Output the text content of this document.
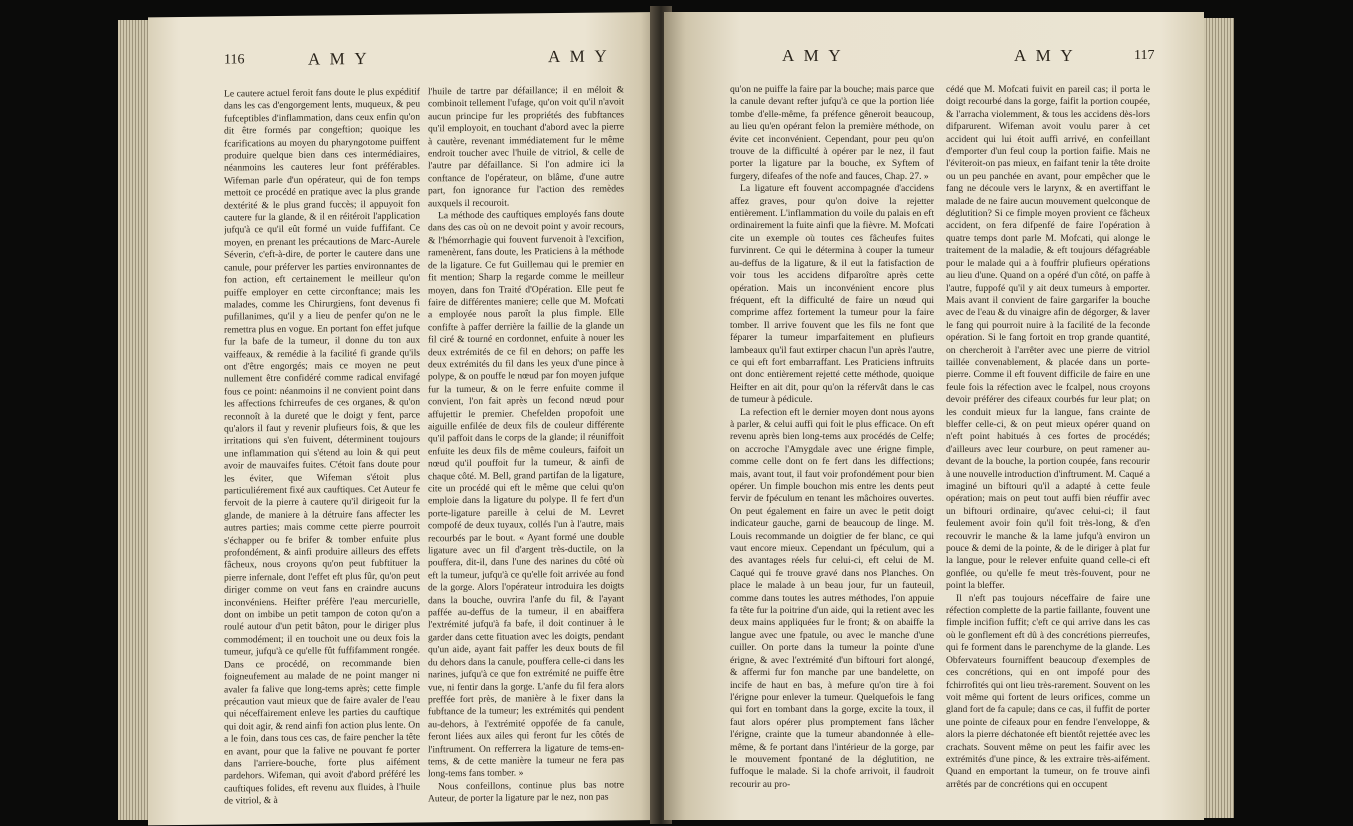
116	A M Y	A M Y

Le cautere actuel feroit fans doute le plus expéditif dans les cas d'engorgement lents, muqueux, & peu fufceptibles d'inflammation, dans ceux enfin qu'on dit être formés par congeftion; quoique les fcarifications au moyen du pharyngotome puiffent produire quelque bien dans ces intermédiaires, néanmoins les cauteres leur font préférables. Wifeman parle d'un opérateur, qui de fon temps mettoit ce procédé en pratique avec la plus grande dextérité & le plus grand fuccès; il appuyoit fon cautere fur la glande, & il en réitéroit l'application jufqu'à ce qu'il eût formé un vuide fuffifant. Ce moyen, en prenant les précautions de Marc-Aurele Séverin, c'eft-à-dire, de porter le cautere dans une canule, pour préferver les parties environnantes de fon action, eft certainement le meilleur qu'on puiffe employer en cette circonftance; mais les malades, comme les Chirurgiens, font devenus fi pufillanimes, qu'il y a lieu de penfer qu'on ne le remettra plus en vogue. En portant fon effet jufque fur la bafe de la tumeur, il donne du ton aux vaiffeaux, & remédie à la facilité fi grande qu'ils ont d'être engorgés; mais ce moyen ne peut nullement être confidéré comme radical envifagé fous ce point: néanmoins il ne convient point dans les affections fchirreufes de ces organes, & qu'on reconnoît à la dureté que le doigt y fent, parce qu'alors il faut y revenir plufieurs fois, & que les irritations qui s'en fuivent, déterminent toujours une inflammation qui s'étend au loin & qui peut avoir de mauvaifes fuites. C'étoit fans doute pour les éviter, que Wifeman s'étoit plus particuliérement fixé aux cauftiques. Cet Auteur fe fervoit de la pierre à cautere qu'il dirigeoit fur la glande, de maniere à la détruire fans affecter les autres parties; mais comme cette pierre pourroit s'échapper ou fe brifer & tomber enfuite plus profondément, & ainfi produire ailleurs des effets fâcheux, nous croyons qu'on peut fubftituer la pierre infernale, dont l'effet eft plus fûr, qu'on peut diriger comme on veut fans en craindre aucuns inconvéniens. Heifter préfère l'eau mercurielle, dont on imbibe un petit tampon de coton qu'on a roulé autour d'un petit bâton, pour le diriger plus commodément; il en touchoit une ou deux fois la tumeur, jufqu'à ce qu'elle fût fuffifamment rongée. Dans ce procédé, on recommande bien foigneufement au malade de ne point manger ni avaler fa falive que long-tems après; cette fimple précaution vaut mieux que de faire avaler de l'eau qui néceffairement enleve les parties du cauftique qui doit agir, & rend ainfi fon action plus lente. On a le foin, dans tous ces cas, de faire pencher la tête en avant, pour que la falive ne pouvant fe porter dans l'arriere-bouche, forte plus aifément pardehors. Wifeman, qui avoit d'abord préféré les cauftiques folides, eft revenu aux fluides, à l'huile de vitriol, & à

l'huile de tartre par défaillance; il en méloit & combinoit tellement l'ufage, qu'on voit qu'il n'avoit aucun principe fur les propriétés des fubftances qu'il employoit, en touchant d'abord avec la pierre à cautère, revenant immédiatement fur le même endroit toucher avec l'huile de vitriol, & celle de l'autre par défaillance. Si l'on admire ici la conftance de l'opérateur, on blâme, d'une autre part, fon ignorance fur l'action des remèdes auxquels il recouroit.

La méthode des cauftiques employés fans doute dans des cas où on ne devoit point y avoir recours, & l'hémorrhagie qui fouvent furvenoit à l'excifion, ramenèrent, fans doute, les Praticiens à la méthode de la ligature. Ce fut Guillemau qui le premier en fit mention; Sharp la regarde comme le meilleur moyen, dans fon Traité d'Opération. Elle peut fe faire de différentes maniere; celle que M. Mofcati a employée nous paroît la plus fimple. Elle confifte à paffer derrière la faillie de la glande un fil ciré & tourné en cordonnet, enfuite à nouer les deux extrémités de ce fil en dehors; on paffe les deux extrémités du fil dans les yeux d'une pince à polype, & on pouffe le nœud par fon moyen jufque fur la tumeur, & on le ferre enfuite comme il convient, l'on fait après un fecond nœud pour affujettir le premier. Chefelden propofoit une aiguille enfilée de deux fils de couleur différente qu'il paffoit dans le corps de la glande; il réuniffoit enfuite les deux fils de même couleurs, faifoit un nœud qu'il pouffoit fur la tumeur, & ainfi de chaque côté. M. Bell, grand partifan de la ligature, cite un procédé qui eft le même que celui qu'on emploie dans la ligature du polype. Il fe fert d'un porte-ligature pareille à celui de M. Levret compofé de deux tuyaux, collés l'un à l'autre, mais recourbés par le bout. « Ayant formé une double ligature avec un fil d'argent très-ductile, on la pouffera, dit-il, dans l'une des narines du côté où eft la tumeur, jufqu'à ce qu'elle foit arrivée au fond de la gorge. Alors l'opérateur introduira les doigts dans la bouche, ouvrira l'anfe du fil, & l'ayant paffée au-deffus de la tumeur, il en abaiffera l'extrémité jufqu'à fa bafe, il doit continuer à le garder dans cette fituation avec les doigts, pendant qu'un aide, ayant fait paffer les deux bouts de fil du dehors dans la canule, pouffera celle-ci dans les narines, jufqu'à ce que fon extrémité ne puiffe être vue, ni fentir dans la gorge. L'anfe du fil fera alors preffée fort près, de manière à le fixer dans la fubftance de la tumeur; les extrémités qui pendent au-dehors, à l'extrémité oppofée de fa canule, feront liées aux ailes qui feront fur les côtés de l'inftrument. On refferrera la ligature de tems-en-tems, & de cette manière la tumeur ne fera pas long-tems fans tomber. »

Nous confeillons, continue plus bas notre Auteur, de porter la ligature par le nez, non pas

A M Y	A M Y	117

qu'on ne puiffe la faire par la bouche; mais parce que la canule devant refter jufqu'à ce que la portion liée tombe d'elle-même, fa préfence gêneroit beaucoup, au lieu qu'en opérant felon la première méthode, on évite cet inconvénient. Cependant, pour peu qu'on trouve de la difficulté à opérer par le nez, il faut porter la ligature par la bouche, ex Syftem of furgery, difeafes of the nofe and fauces, Chap. 27. »

La ligature eft fouvent accompagnée d'accidens affez graves, pour qu'on doive la rejetter entièrement. L'inflammation du voile du palais en eft ordinairement la fuite ainfi que la fièvre. M. Mofcati cite un exemple où toutes ces fâcheufes fuites furvinrent. Ce qui le détermina à couper la tumeur au-deffus de la ligature, & il eut la fatisfaction de voir tous les accidens difparoître après cette opération. Mais un inconvénient encore plus fréquent, eft la difficulté de faire un nœud qui comprime affez fortement la tumeur pour la faire tomber. Il arrive fouvent que les fils ne font que féparer la tumeur imparfaitement en plufieurs lambeaux qu'il faut extirper chacun l'un après l'autre, ce qui eft fort embarraffant. Les Praticiens inftruits ont donc entièrement rejetté cette méthode, quoique Heifter en ait dit, pour qu'on la réfervât dans le cas de tumeur à pédicule.

La refection eft le dernier moyen dont nous ayons à parler, & celui auffi qui foit le plus efficace. On eft revenu après bien long-tems aux procédés de Celfe; on accroche l'Amygdale avec une érigne fimple, comme celle dont on fe fert dans les diffections; mais, avant tout, il faut voir profondément pour bien opérer. Un fimple bouchon mis entre les dents peut fervir de fpéculum en tenant les mâchoires ouvertes. On peut également en faire un avec le petit doigt indicateur gauche, garni de beaucoup de linge. M. Louis recommande un doigtier de fer blanc, ce qui vaut encore mieux. Cependant un fpéculum, qui a des avantages réels fur celui-ci, eft celui de M. Caqué qui fe trouve gravé dans nos Planches. On place le malade à un beau jour, fur un fauteuil, comme dans toutes les autres méthodes, l'on appuie fa tête fur la poitrine d'un aide, qui la retient avec les deux mains appliquées fur le front; & on abaiffe la langue avec une fpatule, ou avec le manche d'une cuiller. On porte dans la tumeur la pointe d'une érigne, & avec l'extrémité d'un biftouri fort alongé, & affermi fur fon manche par une bandelette, on incife de haut en bas, à mefure qu'on tire à foi l'érigne pour enlever la tumeur. Quelquefois le fang qui fort en tombant dans la gorge, excite la toux, il faut alors opérer plus promptement fans lâcher l'érigne, crainte que la tumeur abandonnée à elle-même, & fe portant dans l'intérieur de la gorge, par le mouvement fpontané de la déglutition, ne fuffoque le malade. Si la chofe arrivoit, il faudroit recourir au pro-

cédé que M. Mofcati fuivit en pareil cas; il porta le doigt recourbé dans la gorge, faifit la portion coupée, & l'arracha violemment, & tous les accidens dès-lors difparurent. Wifeman avoit voulu parer à cet accident qui lui étoit auffi arrivé, en confeillant d'emporter d'un feul coup la portion faifie. Mais ne l'éviteroit-on pas mieux, en faifant tenir la tête droite ou un peu panchée en avant, pour empêcher que le fang ne découle vers le larynx, & en avertiffant le malade de ne faire aucun mouvement quelconque de déglutition? Si ce fimple moyen provient ce fâcheux accident, on fera difpenfé de faire l'opération à quatre temps dont parle M. Mofcati, qui alonge le traitement de la maladie, & eft toujours défagréable pour le malade qui a à fouffrir plufieurs opérations au lieu d'une. Quand on a opéré d'un côté, on paffe à l'autre, fuppofé qu'il y ait deux tumeurs à emporter. Mais avant il convient de faire gargarifer la bouche avec de l'eau & du vinaigre afin de dégorger, & laver le fang qui pourroit nuire à la facilité de la feconde opération. Si le fang fortoit en trop grande quantité, on chercheroit à l'arrêter avec une pierre de vitriol taillée convenablement, & placée dans un porte-pierre. Comme il eft fouvent difficile de faire en une feule fois la réfection avec le fcalpel, nous croyons devoir préférer des cifeaux courbés fur leur plat; on les conduit mieux fur la langue, fans crainte de bleffer celle-ci, & on peut mieux opérer quand on n'eft point habitués à ces fortes de procédés; d'ailleurs avec leur courbure, on peut ramener au-devant de la bouche, la portion coupée, fans recourir à une nouvelle introduction d'inftrument. M. Caqué a imaginé un biftouri qu'il a adapté à cette feule opération; mais on peut tout auffi bien réuffir avec un biftouri ordinaire, qu'avec celui-ci; il faut feulement avoir foin qu'il foit très-long, & d'en recouvrir le manche & la lame jufqu'à environ un pouce & demi de la pointe, & de le diriger à plat fur la langue, pour le relever enfuite quand celle-ci eft gonflée, ou qu'elle fe meut très-fouvent, pour ne point la bleffer.

Il n'eft pas toujours néceffaire de faire une réfection complette de la partie faillante, fouvent une fimple incifion fuffit; c'eft ce qui arrive dans les cas où le gonflement eft dû à des concrétions pierreufes, qui fe forment dans le parenchyme de la glande. Les Obfervateurs fourniffent beaucoup d'exemples de ces concrétions, qui en ont impofé pour des fchirrofités qui ont lieu très-rarement. Souvent on les voit même qui fortent de leurs orifices, comme un gland fort de fa capule; dans ce cas, il fuffit de porter une pointe de cifeaux pour en fendre l'enveloppe, & alors la pierre déchatonée eft bientôt rejettée avec les crachats. Souvent même on peut les faifir avec les extrémités d'une pince, & les extraire très-aifément. Quand en emportant la tumeur, on fe trouve ainfi arrêtés par de concrétions qui en occupent
